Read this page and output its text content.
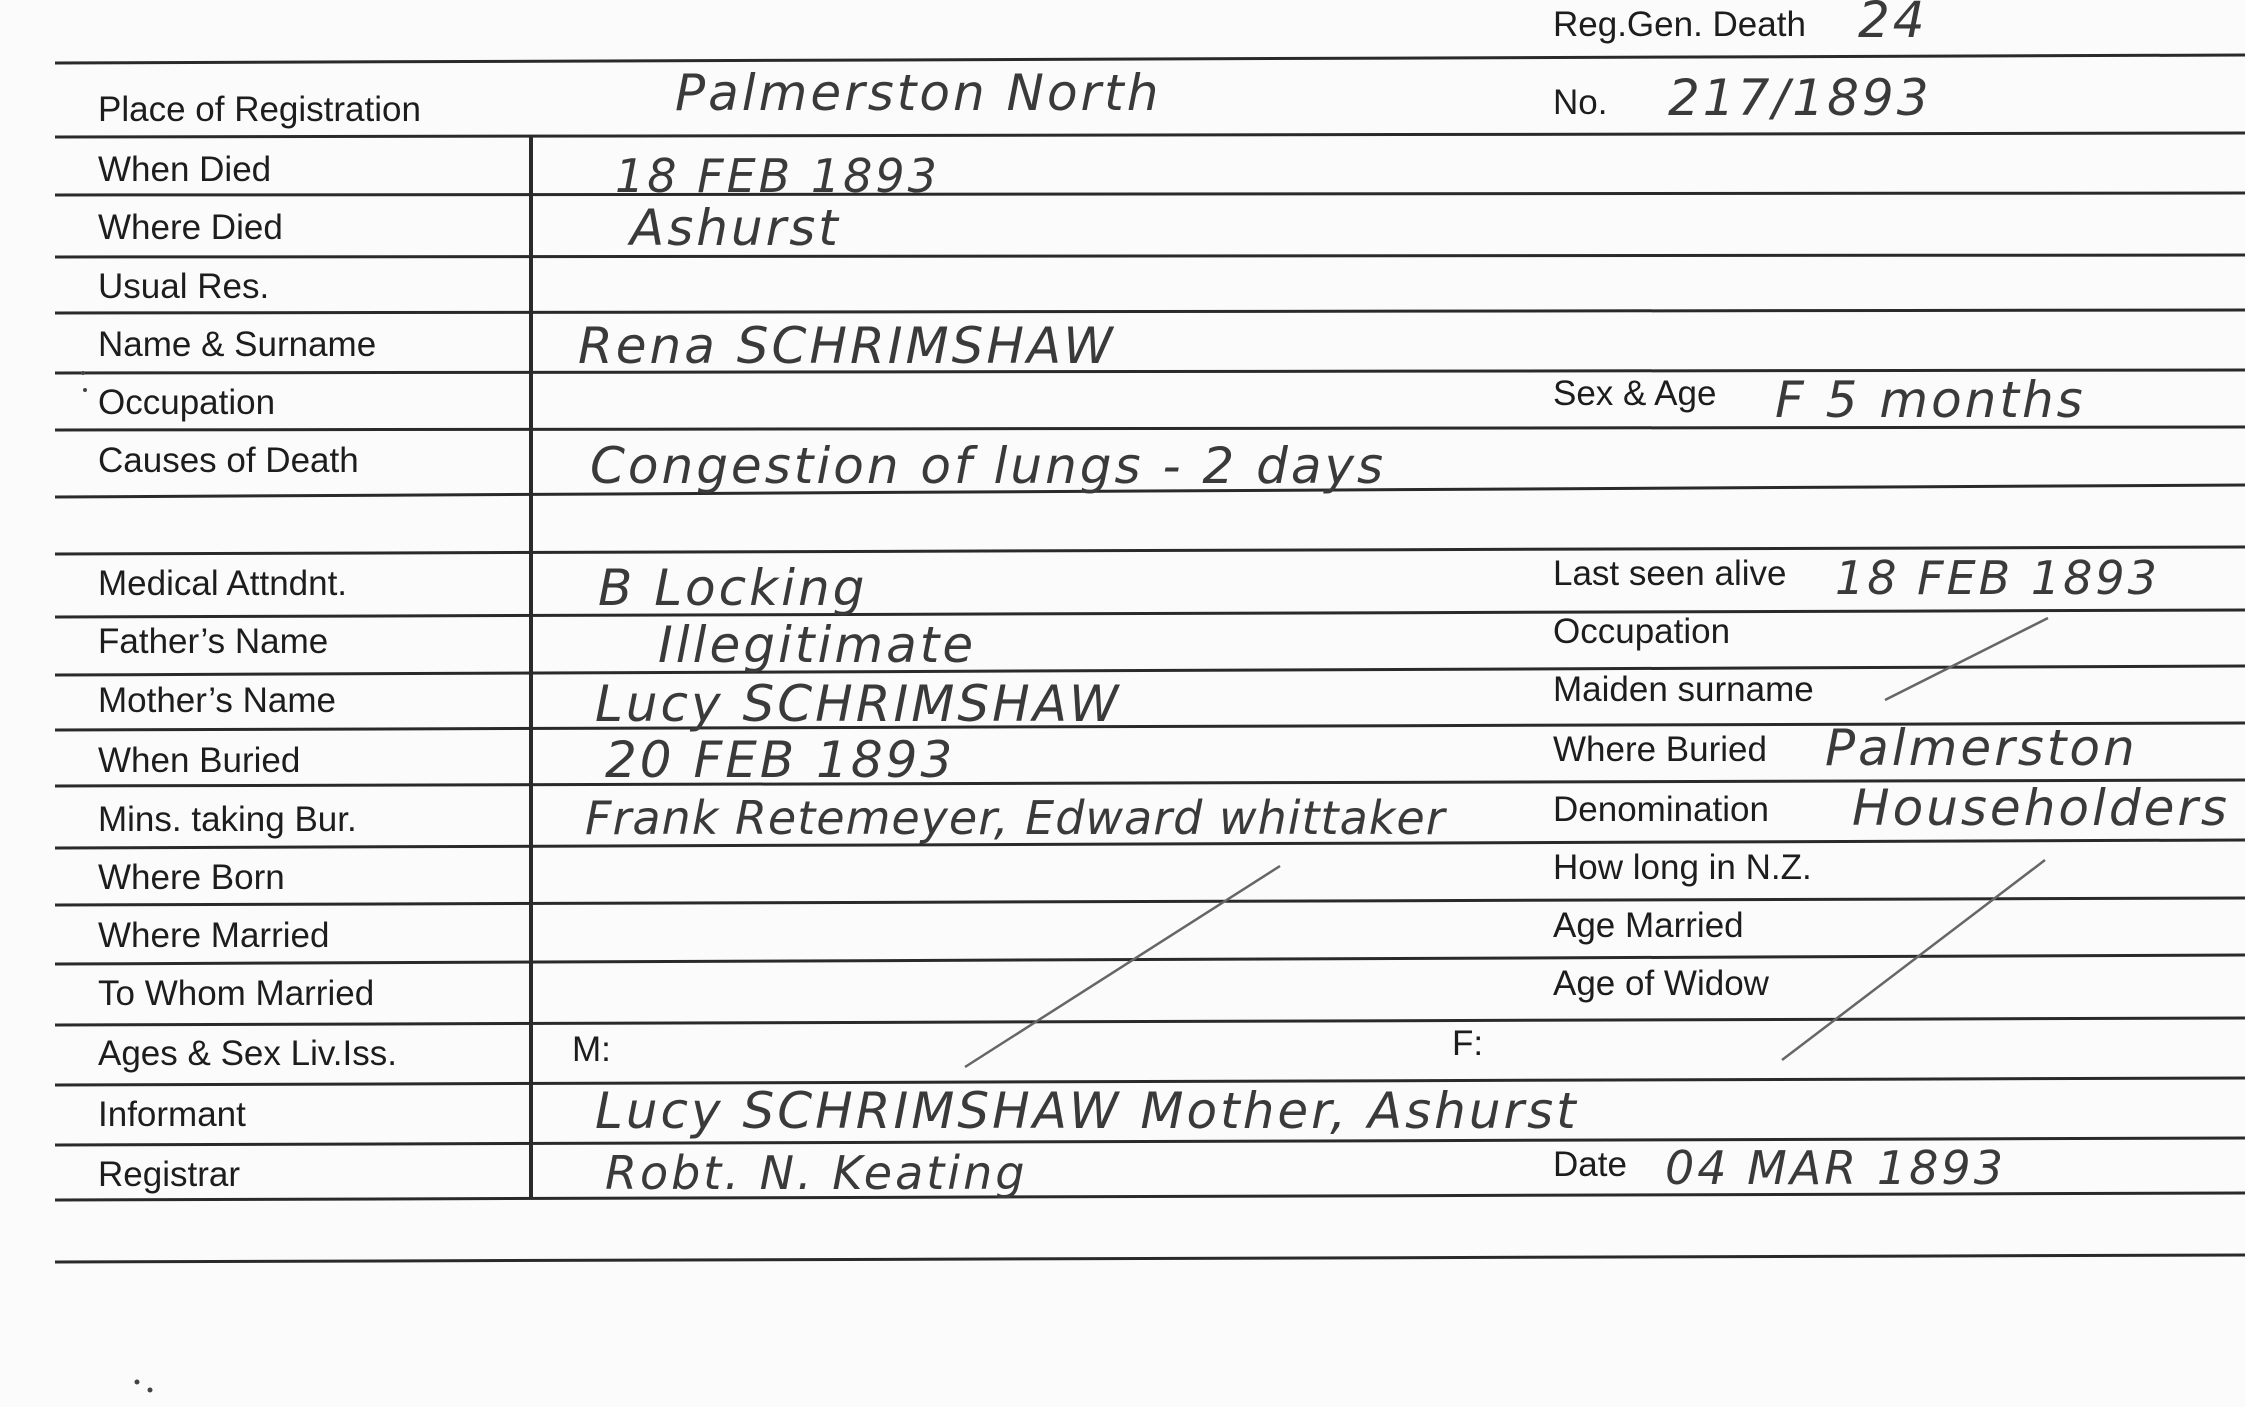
Reg.Gen. Death 24
No. 217/1893
Place of Registration	Palmerston North
When Died	18 FEB 1893
Where Died	Ashurst
Usual Res.
Name & Surname	Rena SCHRIMSHAW
Occupation
Causes of Death	Congestion of lungs - 2 days
Medical Attndnt.	B Locking
Father’s Name	Illegitimate
Mother’s Name	Lucy SCHRIMSHAW
When Buried	20 FEB 1893
Mins. taking Bur.	Frank Retemeyer, Edward whittaker
Where Born
Where Married
To Whom Married
Ages & Sex Liv.Iss.	M:	F:
Informant	Lucy SCHRIMSHAW Mother, Ashurst
Registrar	Robt. N. Keating
Sex & Age F 5 months
Last seen alive 18 FEB 1893
Occupation
Maiden surname
Where Buried Palmerston
Denomination Householders
How long in N.Z.
Age Married
Age of Widow
Date 04 MAR 1893
